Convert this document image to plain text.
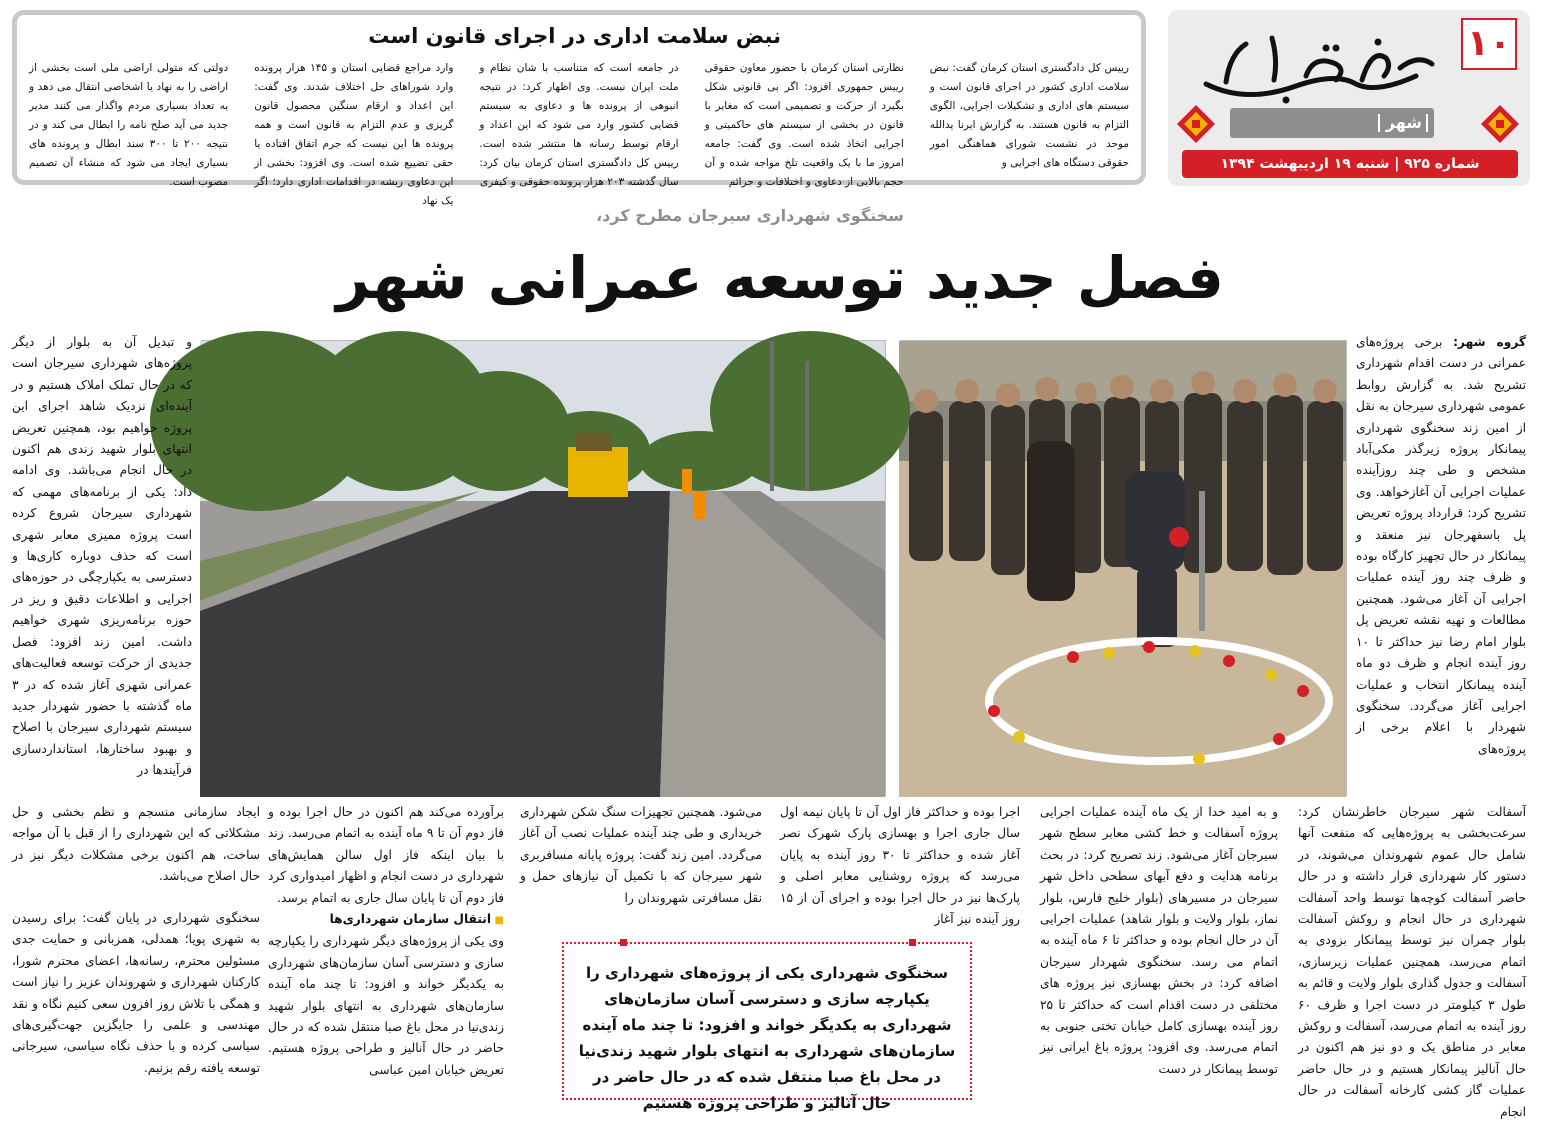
۱۰
شهر
شماره ۹۲۵ | شنبه ۱۹ اردیبهشت ۱۳۹۴
نبض سلامت اداری در اجرای قانون است

رییس کل دادگستری استان کرمان گفت: نبض سلامت اداری کشور در اجرای قانون است و سیستم های اداری و تشکیلات اجرایی، الگوی التزام به قانون هستند. به گزارش ایرنا یدالله موحد در نشست شورای هماهنگی امور حقوقی دستگاه های اجرایی و

نظارتی استان کرمان با حضور معاون حقوقی رییس جمهوری افزود: اگر بی قانونی شکل بگیرد از حرکت و تصمیمی است که مغایر با قانون در بخشی از سیستم های حاکمیتی و اجرایی اتخاذ شده است. وی گفت: جامعه امروز ما با یک واقعیت تلخ مواجه شده و آن حجم بالایی از دعاوی و اختلافات و جرائم

در جامعه است که متناسب با شان نظام و ملت ایران نیست. وی اظهار کرد: در نتیجه انبوهی از پرونده ها و دعاوی به سیستم قضایی کشور وارد می شود که این اعداد و ارقام توسط رسانه ها منتشر شده است. رییس کل دادگستری استان کرمان بیان کرد: سال گذشته ۲۰۳ هزار پرونده حقوقی و کیفری

وارد مراجع قضایی استان و ۱۴۵ هزار پرونده وارد شوراهای حل اختلاف شدند. وی گفت: این اعداد و ارقام سنگین محصول قانون گریزی و عدم التزام به قانون است و همه پرونده ها این نیست که جرم اتفاق افتاده یا حقی تضییع شده است. وی افزود: بخشی از این دعاوی ریشه در اقدامات اداری دارد؛ اگر یک نهاد

دولتی که متولی اراضی ملی است بخشی از اراضی را به نهاد یا اشخاصی انتقال می دهد و به تعداد بسیاری مردم واگذار می کنند مدیر جدید می آید صلح نامه را ابطال می کند و در نتیجه ۲۰۰ تا ۳۰۰ سند ابطال و پرونده های بسیاری ایجاد می شود که منشاء آن تصمیم مصوب است.

سخنگوی شهرداری سیرجان مطرح کرد،
فصل جدید توسعه عمرانی شهر
گروه شهر: برخی پروژه‌های عمرانی در دست اقدام شهرداری تشریح شد. به گزارش روابط عمومی شهرداری سیرجان به نقل از امین زند سخنگوی شهرداری پیمانکار پروژه زیرگذر مکی‌آباد مشخص و طی چند روزآینده عملیات اجرایی آن آغازخواهد. وی تشریح کرد: قرارداد پروژه تعریض پل باسفهرجان نیز منعقد و پیمانکار در حال تجهیز کارگاه بوده و ظرف چند روز آینده عملیات اجرایی آن آغاز می‌شود. همچنین مطالعات و تهیه نقشه تعریض پل بلوار امام رضا نیز حداکثر تا ۱۰ روز آینده انجام و ظرف دو ماه آینده پیمانکار انتخاب و عملیات اجرایی آغاز می‌گردد. سخنگوی شهردار با اعلام برخی از پروژه‌های
و تبدیل آن به بلوار از دیگر پروژه‌های شهرداری سیرجان است که در حال تملک املاک هستیم و در آینده‌ای نزدیک شاهد اجرای این پروژه خواهیم بود، همچنین تعریض انتهای بلوار شهید زندی هم اکنون در حال انجام می‌باشد. وی ادامه داد: یکی از برنامه‌های مهمی که شهرداری سیرجان شروع کرده است پروژه ممیزی معابر شهری است که حذف دوباره کاری‌ها و دسترسی به یکپارچگی در حوزه‌های اجرایی و اطلاعات دقیق و ریز در حوزه برنامه‌ریزی شهری خواهیم داشت. امین زند افزود: فصل جدیدی از حرکت توسعه فعالیت‌های عمرانی شهری آغاز شده که در ۳ ماه گذشته با حضور شهردار جدید سیستم شهرداری سیرجان با اصلاح و بهبود ساختارها، استانداردسازی فرآیندها در
آسفالت شهر سیرجان خاطرنشان کرد: سرعت‌بخشی به پروژه‌هایی که منفعت آنها شامل حال عموم شهروندان می‌شوند، در دستور کار شهرداری قرار داشته و در حال حاضر آسفالت کوچه‌ها توسط واحد آسفالت شهرداری در حال انجام و روکش آسفالت بلوار چمران نیز توسط پیمانکار بزودی به اتمام می‌رسد، همچنین عملیات زیرسازی، آسفالت و جدول گذاری بلوار ولایت و قائم به طول ۳ کیلومتر در دست اجرا و ظرف ۶۰ روز آینده به اتمام می‌رسد، آسفالت و روکش معابر در مناطق یک و دو نیز هم اکنون در حال آنالیز پیمانکار هستیم و در حال حاضر عملیات گاز کشی کارخانه آسفالت در حال انجام
و به امید خدا از یک ماه آینده عملیات اجرایی پروژه آسفالت و خط کشی معابر سطح شهر سیرجان آغاز می‌شود. زند تصریح کرد: در بحث برنامه هدایت و دفع آبهای سطحی داخل شهر سیرجان در مسیرهای (بلوار خلیج فارس، بلوار نماز، بلوار ولایت و بلوار شاهد) عملیات اجرایی آن در حال انجام بوده و حداکثر تا ۶ ماه آینده به اتمام می رسد. سخنگوی شهردار سیرجان اضافه کرد: در بخش بهسازی نیز پروژه های مختلفی در دست اقدام است که حداکثر تا ۲۵ روز آینده بهسازی کامل خیابان تختی جنوبی به اتمام می‌رسد. وی افزود: پروژه باغ ایرانی نیز توسط پیمانکار در دست
اجرا بوده و حداکثر فاز اول آن تا پایان نیمه اول سال جاری اجرا و بهسازی پارک شهرک نصر آغاز شده و حداکثر تا ۳۰ روز آینده به پایان می‌رسد که پروژه روشنایی معابر اصلی و پارک‌ها نیز در حال اجرا بوده و اجرای آن از ۱۵ روز آینده نیز آغاز
می‌شود. همچنین تجهیزات سنگ شکن شهرداری خریداری و طی چند آینده عملیات نصب آن آغاز می‌گردد. امین زند گفت: پروژه پایانه مسافربری شهر سیرجان که با تکمیل آن نیازهای حمل و نقل مسافرتی شهروندان را
برآورده می‌کند هم اکنون در حال اجرا بوده و فاز دوم آن تا ۹ ماه آینده به اتمام می‌رسد. زند با بیان اینکه فاز اول سالن همایش‌های شهرداری در دست انجام و اظهار امیدواری کرد فاز دوم آن تا پایان سال جاری به اتمام برسد.
■ انتقال سازمان شهرداری‌ها
وی یکی از پروژه‌های دیگر شهرداری را یکپارچه سازی و دسترسی آسان سازمان‌های شهرداری به یکدیگر خواند و افزود: تا چند ماه آینده سازمان‌های شهرداری به انتهای بلوار شهید زندی‌نیا در محل باغ صبا منتقل شده که در حال حاضر در حال آنالیز و طراحی پروژه هستیم. تعریض خیابان امین عباسی
ایجاد سازمانی منسجم و نظم بخشی و حل مشکلاتی که این شهرداری را از قبل با آن مواجه ساخت، هم اکنون برخی مشکلات دیگر نیز در حال اصلاح می‌باشد.
سخنگوی شهرداری در پایان گفت: برای رسیدن به شهری پویا؛ همدلی، همزبانی و حمایت جدی مسئولین محترم، رسانه‌ها، اعضای محترم شورا، کارکنان شهرداری و شهروندان عزیز را نیاز است و همگی با تلاش روز افزون سعی کنیم نگاه و نقد مهندسی و علمی را جایگزین جهت‌گیری‌های سیاسی کرده و با حذف نگاه سیاسی، سیرجانی توسعه یافته رقم بزنیم.

سخنگوی شهرداری یکی از پروژه‌های شهرداری را یکپارچه سازی و دسترسی آسان سازمان‌های شهرداری به یکدیگر خواند و افزود: تا چند ماه آینده سازمان‌های شهرداری به انتهای بلوار شهید زندی‌نیا در محل باغ صبا منتقل شده که در حال حاضر در حال آنالیز و طراحی پروژه هستیم
